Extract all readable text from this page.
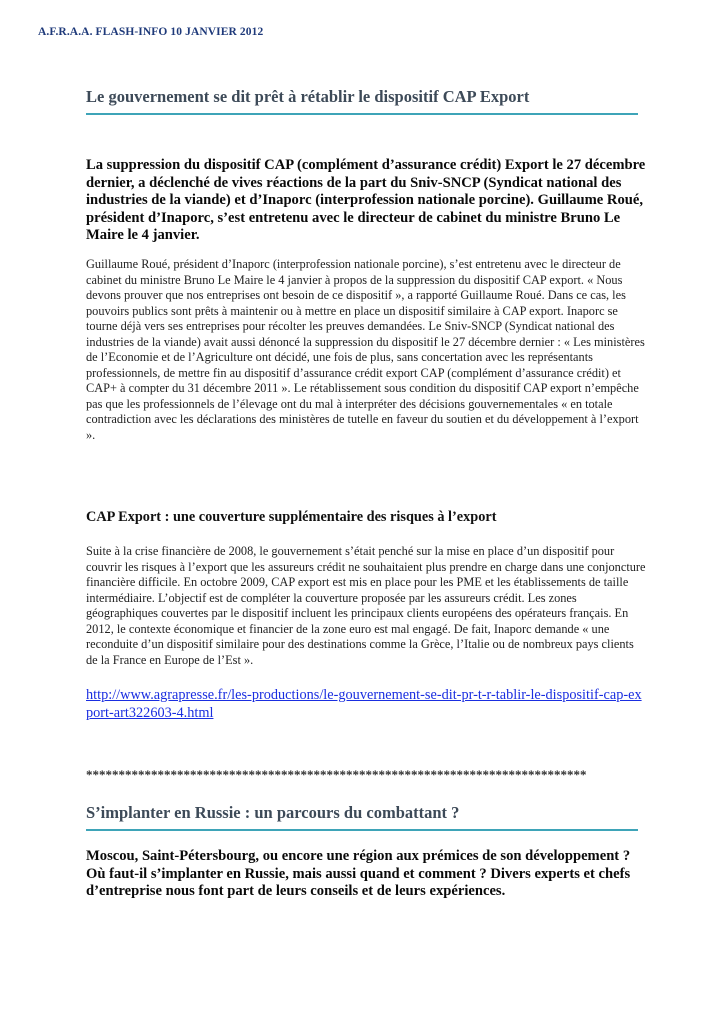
A.F.R.A.A. FLASH-INFO 10 JANVIER 2012
Le gouvernement se dit prêt à rétablir le dispositif CAP Export
La suppression du dispositif CAP (complément d’assurance crédit) Export le 27 décembre dernier, a déclenché de vives réactions de la part du Sniv-SNCP (Syndicat national des industries de la viande) et d’Inaporc (interprofession nationale porcine). Guillaume Roué, président d’Inaporc, s’est entretenu avec le directeur de cabinet du ministre Bruno Le Maire le 4 janvier.
Guillaume Roué, président d’Inaporc (interprofession nationale porcine), s’est entretenu avec le directeur de cabinet du ministre Bruno Le Maire le 4 janvier à propos de la suppression du dispositif CAP export. « Nous devons prouver que nos entreprises ont besoin de ce dispositif », a rapporté Guillaume Roué. Dans ce cas, les pouvoirs publics sont prêts à maintenir ou à mettre en place un dispositif similaire à CAP export. Inaporc se tourne déjà vers ses entreprises pour récolter les preuves demandées. Le Sniv-SNCP (Syndicat national des industries de la viande) avait aussi dénoncé la suppression du dispositif le 27 décembre dernier : « Les ministères de l’Economie et de l’Agriculture ont décidé, une fois de plus, sans concertation avec les représentants professionnels, de mettre fin au dispositif d’assurance crédit export CAP (complément d’assurance crédit) et CAP+ à compter du 31 décembre 2011 ». Le rétablissement sous condition du dispositif CAP export n’empêche pas que les professionnels de l’élevage ont du mal à interpréter des décisions gouvernementales « en totale contradiction avec les déclarations des ministères de tutelle en faveur du soutien et du développement à l’export ».
CAP Export : une couverture supplémentaire des risques à l’export
Suite à la crise financière de 2008, le gouvernement s’était penché sur la mise en place d’un dispositif pour couvrir les risques à l’export que les assureurs crédit ne souhaitaient plus prendre en charge dans une conjoncture financière difficile. En octobre 2009, CAP export est mis en place pour les PME et les établissements de taille intermédiaire. L’objectif est de compléter la couverture proposée par les assureurs crédit. Les zones géographiques couvertes par le dispositif incluent les principaux clients européens des opérateurs français. En 2012, le contexte économique et financier de la zone euro est mal engagé. De fait, Inaporc demande « une reconduite d’un dispositif similaire pour des destinations comme la Grèce, l’Italie ou de nombreux pays clients de la France en Europe de l’Est ».
http://www.agrapresse.fr/les-productions/le-gouvernement-se-dit-pr-t-r-tablir-le-dispositif-cap-export-art322603-4.html
*****************************************************************************
S’implanter en Russie : un parcours du combattant ?
Moscou, Saint-Pétersbourg, ou encore une région aux prémices de son développement ? Où faut-il s’implanter en Russie, mais aussi quand et comment ? Divers experts et chefs d’entreprise nous font part de leurs conseils et de leurs expériences.
